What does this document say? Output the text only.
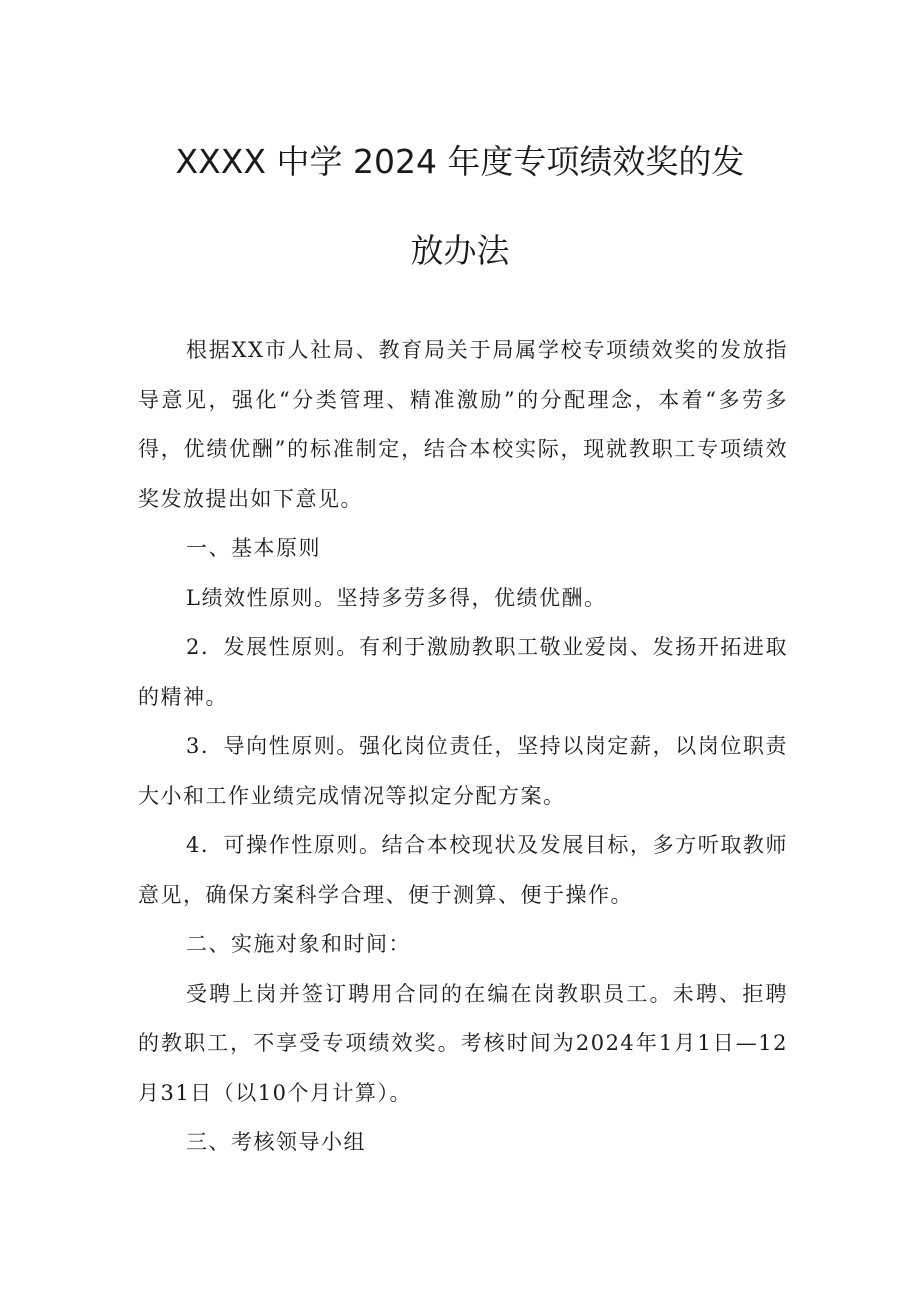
XXXX 中学 2024 年度专项绩效奖的发
放办法

根据XX市人社局、教育局关于局属学校专项绩效奖的发放指导意见，强化“分类管理、精准激励”的分配理念，本着“多劳多得，优绩优酬”的标准制定，结合本校实际，现就教职工专项绩效奖发放提出如下意见。

一、基本原则

L绩效性原则。坚持多劳多得，优绩优酬。

2．发展性原则。有利于激励教职工敬业爱岗、发扬开拓进取的精神。

3．导向性原则。强化岗位责任，坚持以岗定薪，以岗位职责大小和工作业绩完成情况等拟定分配方案。

4．可操作性原则。结合本校现状及发展目标，多方听取教师意见，确保方案科学合理、便于测算、便于操作。

二、实施对象和时间：

受聘上岗并签订聘用合同的在编在岗教职员工。未聘、拒聘的教职工，不享受专项绩效奖。考核时间为2024年1月1日—12月31日（以10个月计算）。

三、考核领导小组
